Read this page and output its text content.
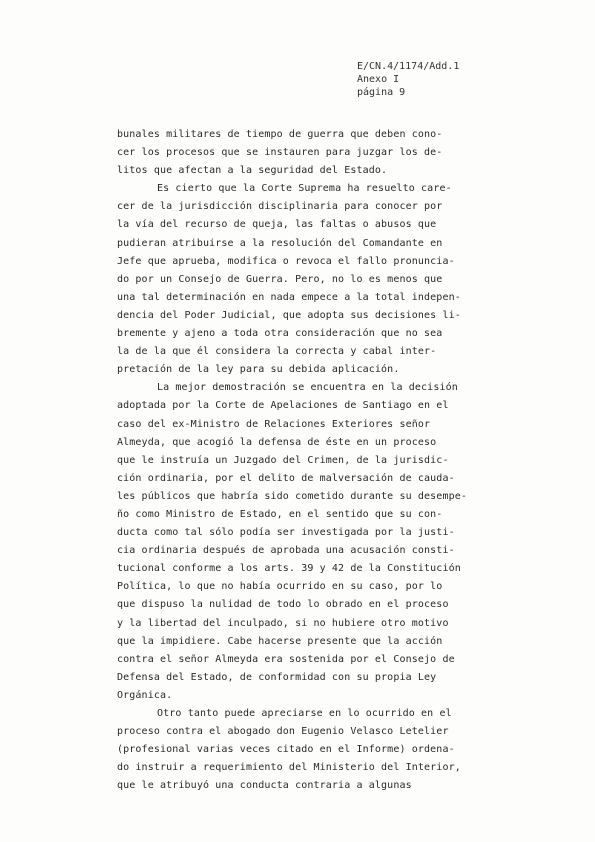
E/CN.4/1174/Add.1
Anexo I
página 9
bunales militares de tiempo de guerra que deben cono-
cer los procesos que se instauren para juzgar los de-
litos que afectan a la seguridad del Estado.
Es cierto que la Corte Suprema ha resuelto care-
cer de la jurisdicción disciplinaria para conocer por
la vía del recurso de queja, las faltas o abusos que
pudieran atribuirse a la resolución del Comandante en
Jefe que aprueba, modifica o revoca el fallo pronuncia-
do por un Consejo de Guerra. Pero, no lo es menos que
una tal determinación en nada empece a la total indepen-
dencia del Poder Judicial, que adopta sus decisiones li-
bremente y ajeno a toda otra consideración que no sea
la de la que él considera la correcta y cabal inter-
pretación de la ley para su debida aplicación.
La mejor demostración se encuentra en la decisión
adoptada por la Corte de Apelaciones de Santiago en el
caso del ex-Ministro de Relaciones Exteriores señor
Almeyda, que acogió la defensa de éste en un proceso
que le instruía un Juzgado del Crimen, de la jurisdic-
ción ordinaria, por el delito de malversación de cauda-
les públicos que habría sido cometido durante su desempe-
ño como Ministro de Estado, en el sentido que su con-
ducta como tal sólo podía ser investigada por la justi-
cia ordinaria después de aprobada una acusación consti-
tucional conforme a los arts. 39 y 42 de la Constitución
Política, lo que no había ocurrido en su caso, por lo
que dispuso la nulidad de todo lo obrado en el proceso
y la libertad del inculpado, si no hubiere otro motivo
que la impidiere. Cabe hacerse presente que la acción
contra el señor Almeyda era sostenida por el Consejo de
Defensa del Estado, de conformidad con su propia Ley
Orgánica.
Otro tanto puede apreciarse en lo ocurrido en el
proceso contra el abogado don Eugenio Velasco Letelier
(profesional varias veces citado en el Informe) ordena-
do instruir a requerimiento del Ministerio del Interior,
que le atribuyó una conducta contraria a algunas
